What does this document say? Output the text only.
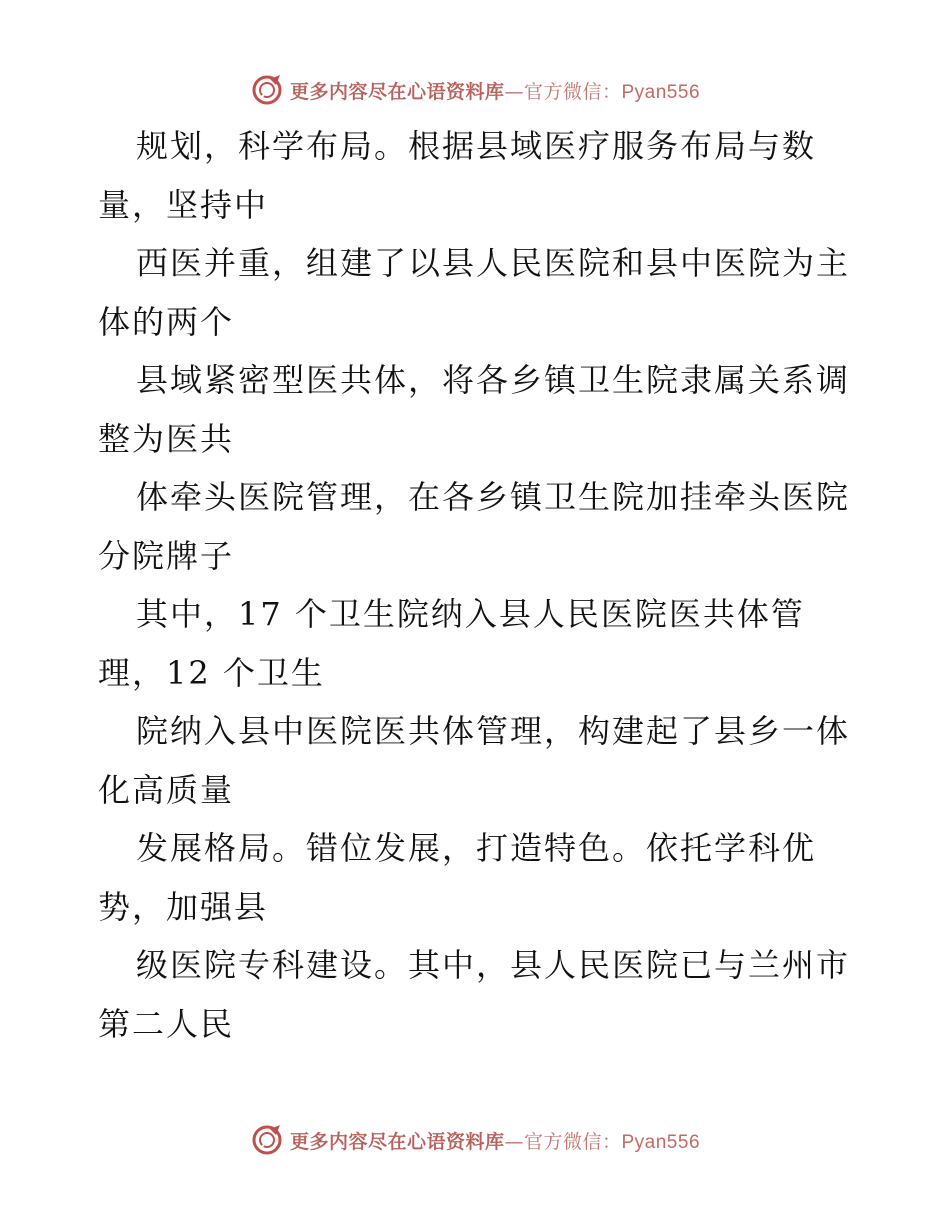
更多内容尽在心语资料库—官方微信：Pyan556
规划，科学布局。根据县域医疗服务布局与数
量，坚持中
西医并重，组建了以县人民医院和县中医院为主
体的两个
县域紧密型医共体，将各乡镇卫生院隶属关系调
整为医共
体牵头医院管理，在各乡镇卫生院加挂牵头医院
分院牌子
其中，17 个卫生院纳入县人民医院医共体管
理，12 个卫生
院纳入县中医院医共体管理，构建起了县乡一体
化高质量
发展格局。错位发展，打造特色。依托学科优
势，加强县
级医院专科建设。其中，县人民医院已与兰州市
第二人民
更多内容尽在心语资料库—官方微信：Pyan556
